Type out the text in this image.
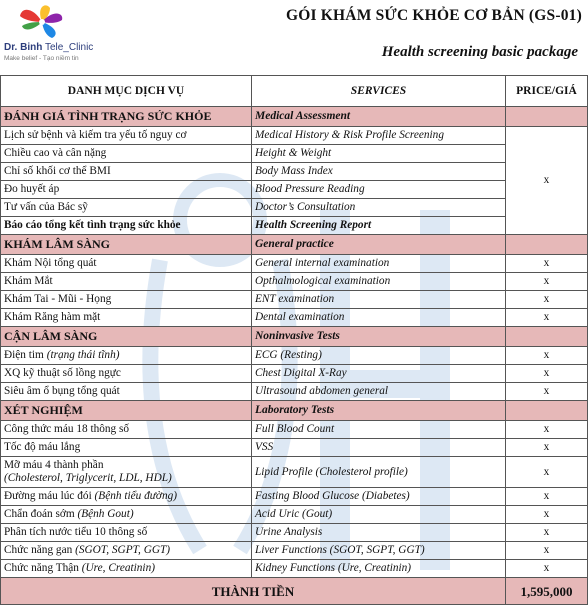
Dr. Binh Tele_Clinic
Make belief - Tạo niềm tin
GÓI KHÁM SỨC KHỎE CƠ BẢN (GS-01)
Health screening basic package
DANH MỤC DỊCH VỤ	SERVICES	PRICE/GIÁ
ĐÁNH GIÁ TÌNH TRẠNG SỨC KHỎE	Medical Assessment	
Lịch sử bệnh và kiếm tra yếu tố nguy cơ	Medical History & Risk Profile Screening	x
Chiều cao và cân nặng	Height & Weight	
Chỉ số khối cơ thể BMI	Body Mass Index	
Đo huyết áp	Blood Pressure Reading	
Tư vấn của Bác sỹ	Doctor’s Consultation	
Báo cáo tổng kết tình trạng sức khỏe	Health Screening Report	
KHÁM LÂM SÀNG	General practice	
Khám Nội tổng quát	General internal examination	x
Khám Mắt	Opthalmological examination	x
Khám Tai - Mũi - Họng	ENT examination	x
Khám Răng hàm mặt	Dental examination	x
CẬN LÂM SÀNG	Noninvasive Tests	
Điện tim (trạng thái tĩnh)	ECG (Resting)	x
XQ kỹ thuật số lồng ngực	Chest Digital X-Ray	x
Siêu âm ổ bụng tổng quát	Ultrasound abdomen general	x
XÉT NGHIỆM	Laboratory Tests	
Công thức máu 18 thông số	Full Blood Count	x
Tốc độ máu lắng	VSS	x
Mỡ máu 4 thành phần
(Cholesterol, Triglycerit, LDL, HDL)	Lipid Profile (Cholesterol profile)	x
Đường máu lúc đói (Bệnh tiểu đường)	Fasting Blood Glucose (Diabetes)	x
Chẩn đoán sớm (Bệnh Gout)	Acid Uric (Gout)	x
Phân tích nước tiểu 10 thông số	Urine Analysis	x
Chức năng gan (SGOT, SGPT, GGT)	Liver Functions (SGOT, SGPT, GGT)	x
Chức năng Thận (Ure, Creatinin)	Kidney Functions (Ure, Creatinin)	x
THÀNH TIỀN		1,595,000
